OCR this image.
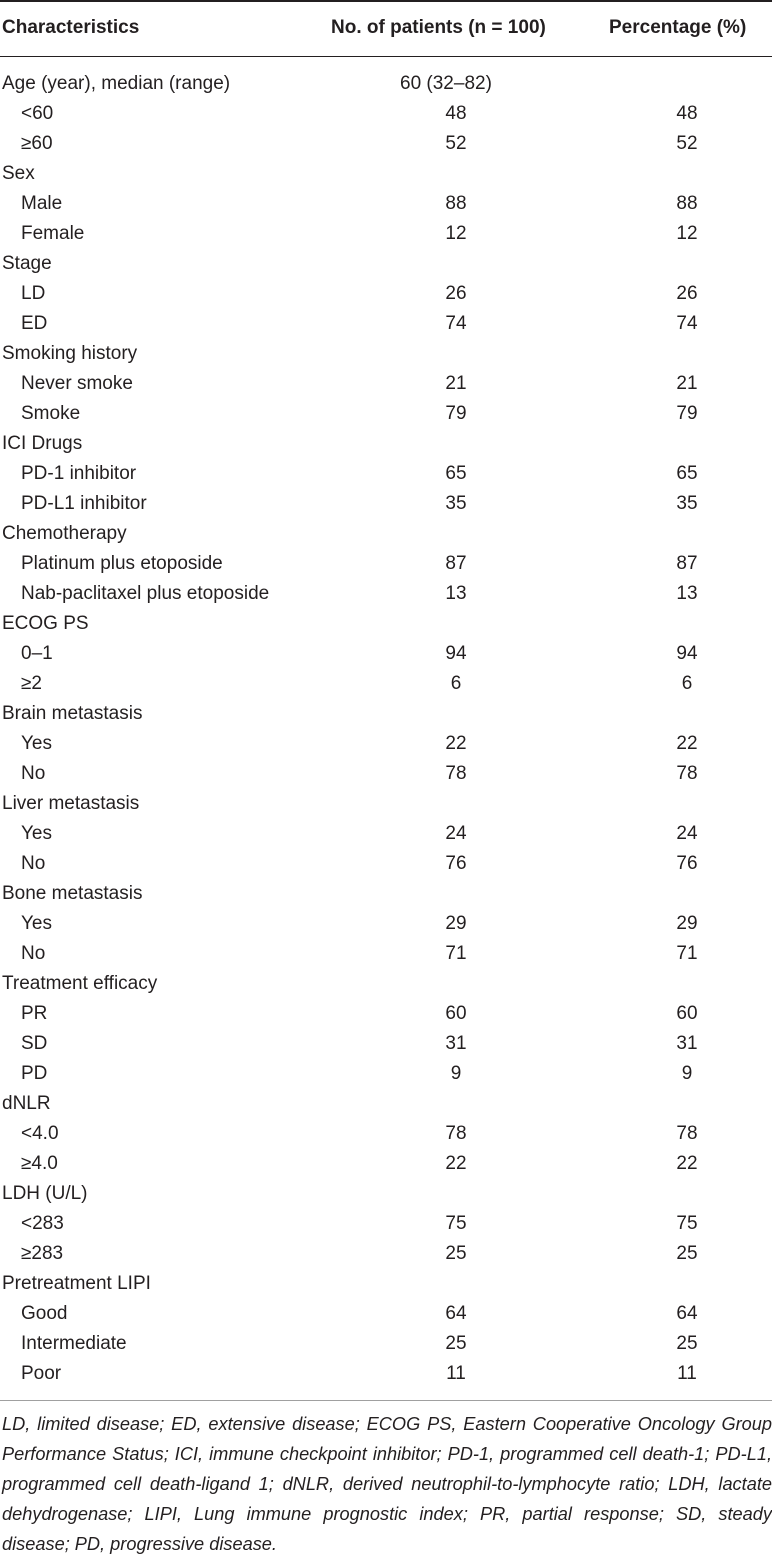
Characteristics	No. of patients (n = 100)	Percentage (%)
Age (year), median (range)	60 (32–82)
<60	48	48
≥60	52	52
Sex
Male	88	88
Female	12	12
Stage
LD	26	26
ED	74	74
Smoking history
Never smoke	21	21
Smoke	79	79
ICI Drugs
PD-1 inhibitor	65	65
PD-L1 inhibitor	35	35
Chemotherapy
Platinum plus etoposide	87	87
Nab-paclitaxel plus etoposide	13	13
ECOG PS
0–1	94	94
≥2	6	6
Brain metastasis
Yes	22	22
No	78	78
Liver metastasis
Yes	24	24
No	76	76
Bone metastasis
Yes	29	29
No	71	71
Treatment efficacy
PR	60	60
SD	31	31
PD	9	9
dNLR
<4.0	78	78
≥4.0	22	22
LDH (U/L)
<283	75	75
≥283	25	25
Pretreatment LIPI
Good	64	64
Intermediate	25	25
Poor	11	11
LD, limited disease; ED, extensive disease; ECOG PS, Eastern Cooperative Oncology Group Performance Status; ICI, immune checkpoint inhibitor; PD-1, programmed cell death-1; PD-L1, programmed cell death-ligand 1; dNLR, derived neutrophil-to-lymphocyte ratio; LDH, lactate dehydrogenase; LIPI, Lung immune prognostic index; PR, partial response; SD, steady disease; PD, progressive disease.
